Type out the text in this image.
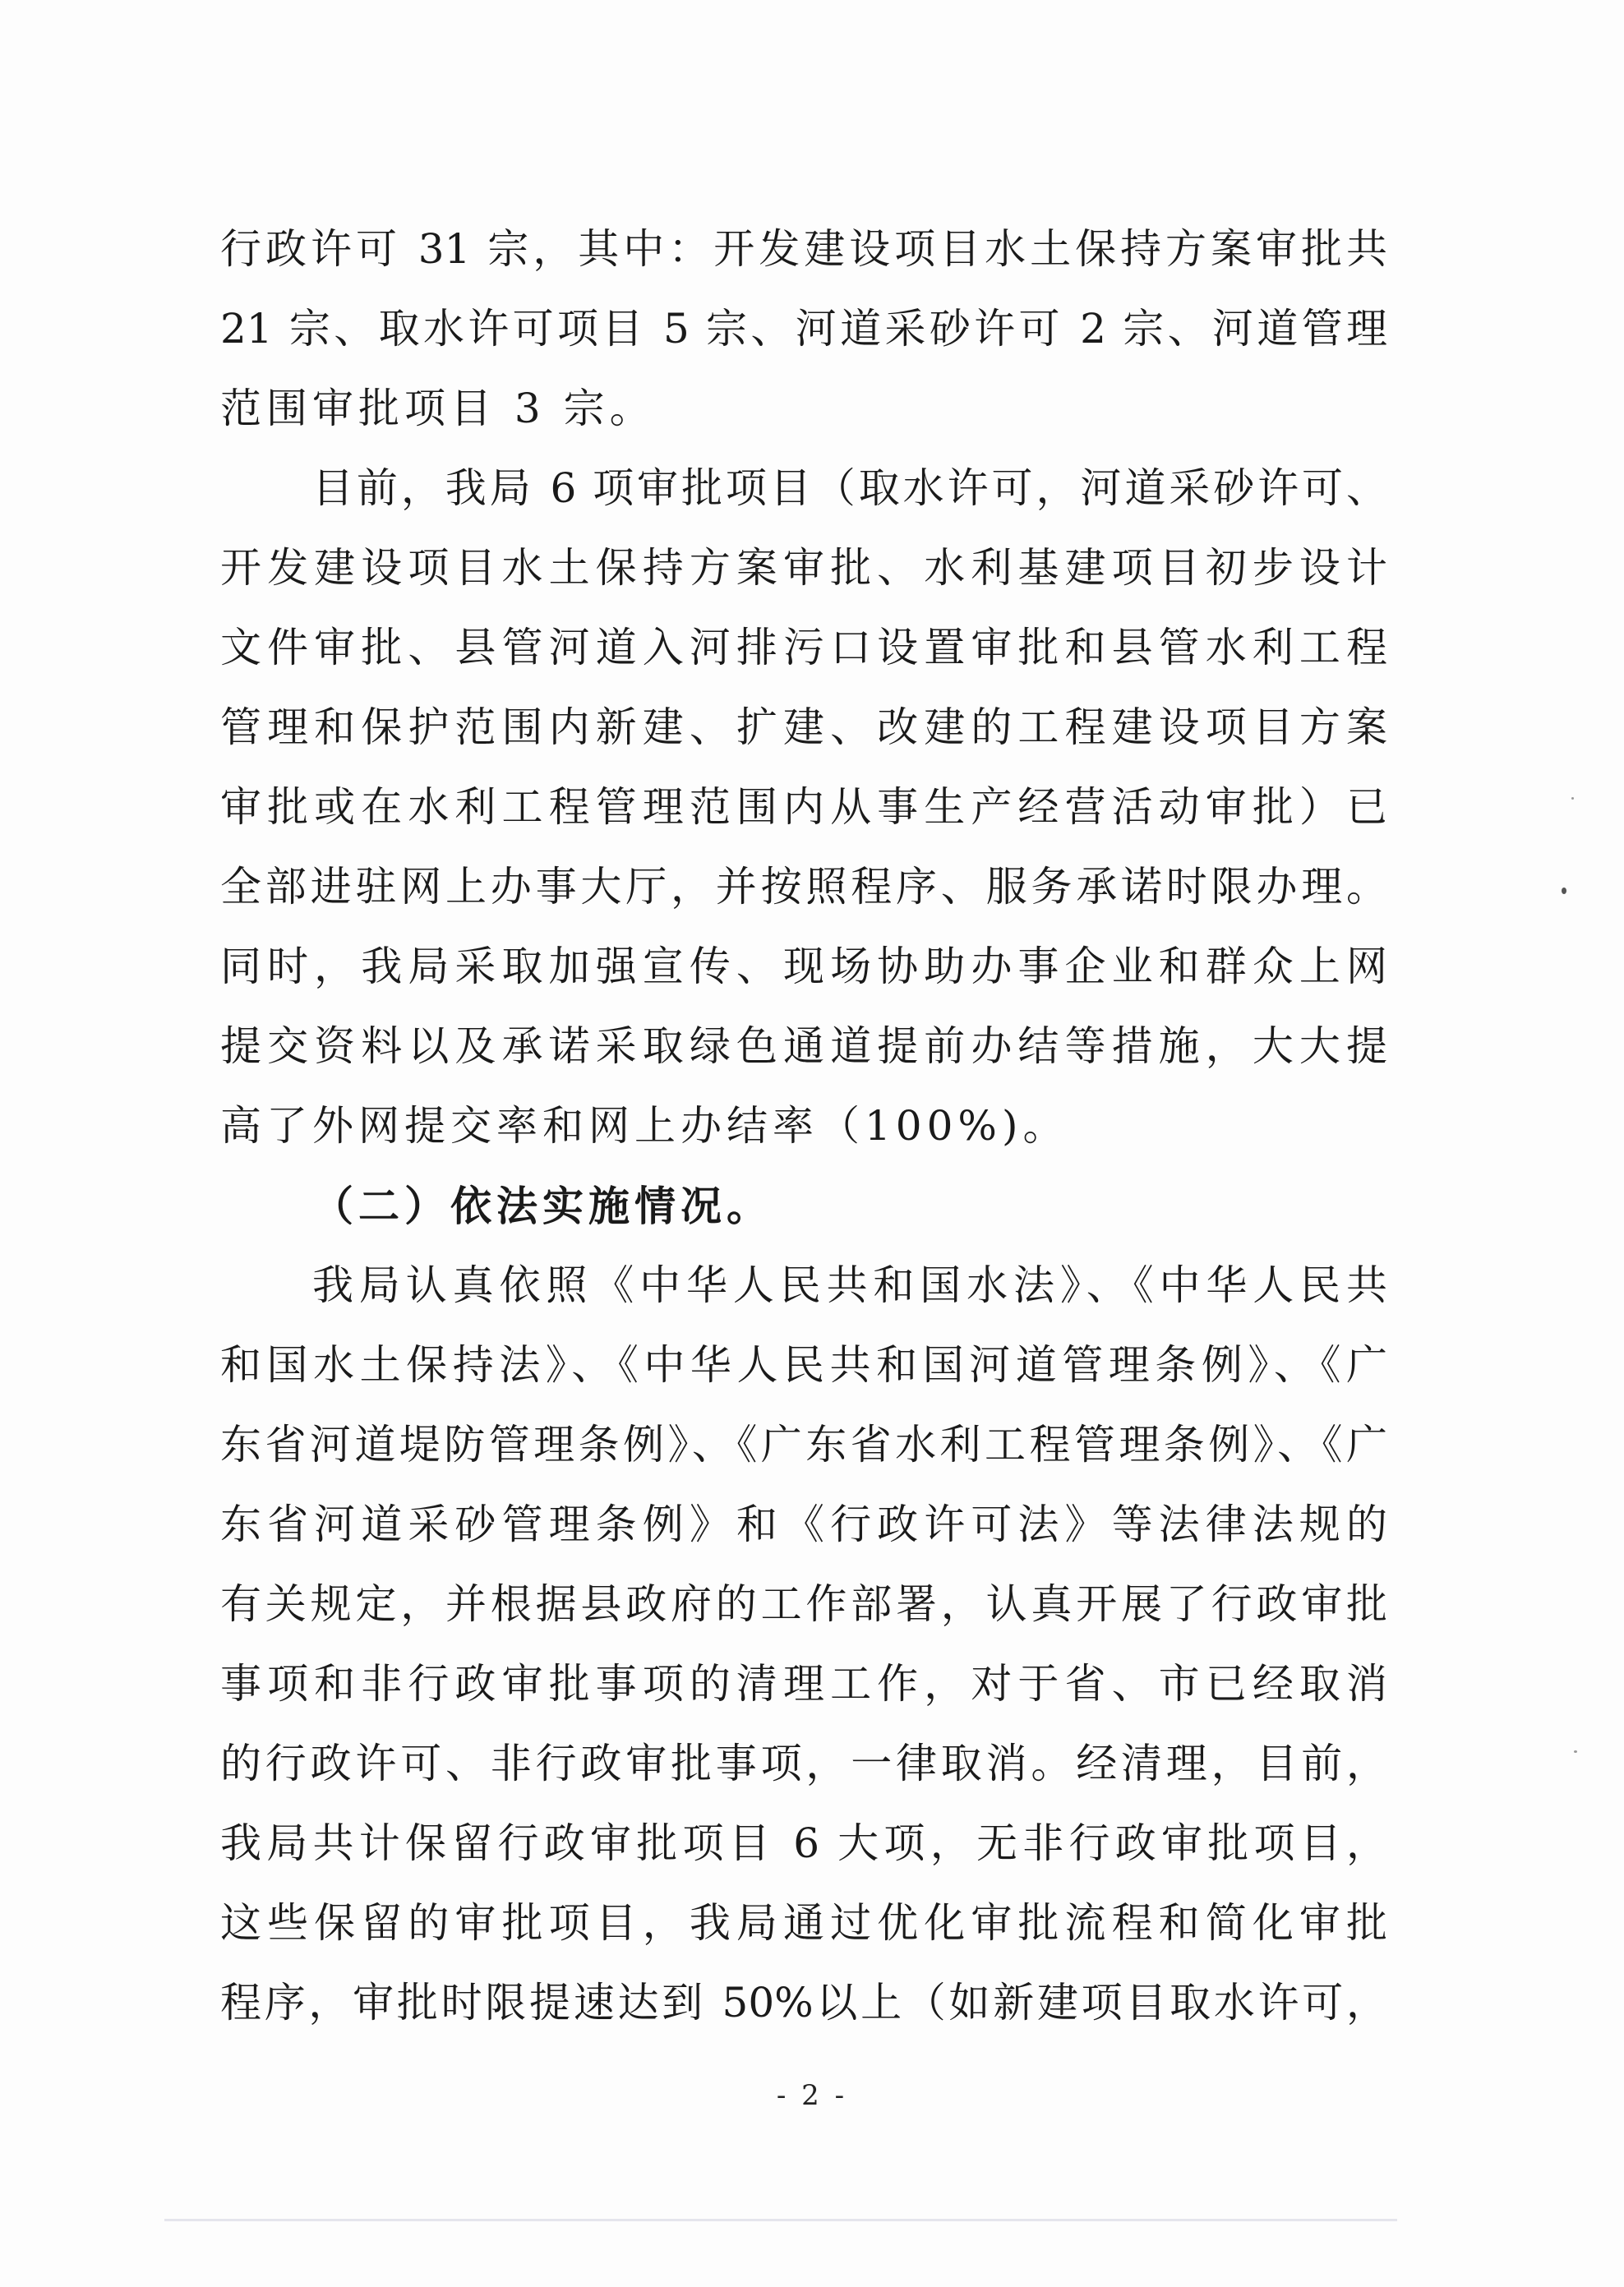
行政许可 31 宗，其中：开发建设项目水土保持方案审批共
21 宗、取水许可项目 5 宗、河道采砂许可 2 宗、河道管理
范围审批项目 3 宗。
目前，我局 6 项审批项目（取水许可，河道采砂许可、
开发建设项目水土保持方案审批、水利基建项目初步设计
文件审批、县管河道入河排污口设置审批和县管水利工程
管理和保护范围内新建、扩建、改建的工程建设项目方案
审批或在水利工程管理范围内从事生产经营活动审批）已
全部进驻网上办事大厅，并按照程序、服务承诺时限办理。
同时，我局采取加强宣传、现场协助办事企业和群众上网
提交资料以及承诺采取绿色通道提前办结等措施，大大提
高了外网提交率和网上办结率（100%)。
（二）依法实施情况。
我局认真依照《中华人民共和国水法》、《中华人民共
和国水土保持法》、《中华人民共和国河道管理条例》、《广
东省河道堤防管理条例》、《广东省水利工程管理条例》、《广
东省河道采砂管理条例》和《行政许可法》等法律法规的
有关规定，并根据县政府的工作部署，认真开展了行政审批
事项和非行政审批事项的清理工作，对于省、市已经取消
的行政许可、非行政审批事项，一律取消。经清理，目前，
我局共计保留行政审批项目 6 大项，无非行政审批项目，
这些保留的审批项目，我局通过优化审批流程和简化审批
程序，审批时限提速达到 50%以上（如新建项目取水许可，
- 2 -
